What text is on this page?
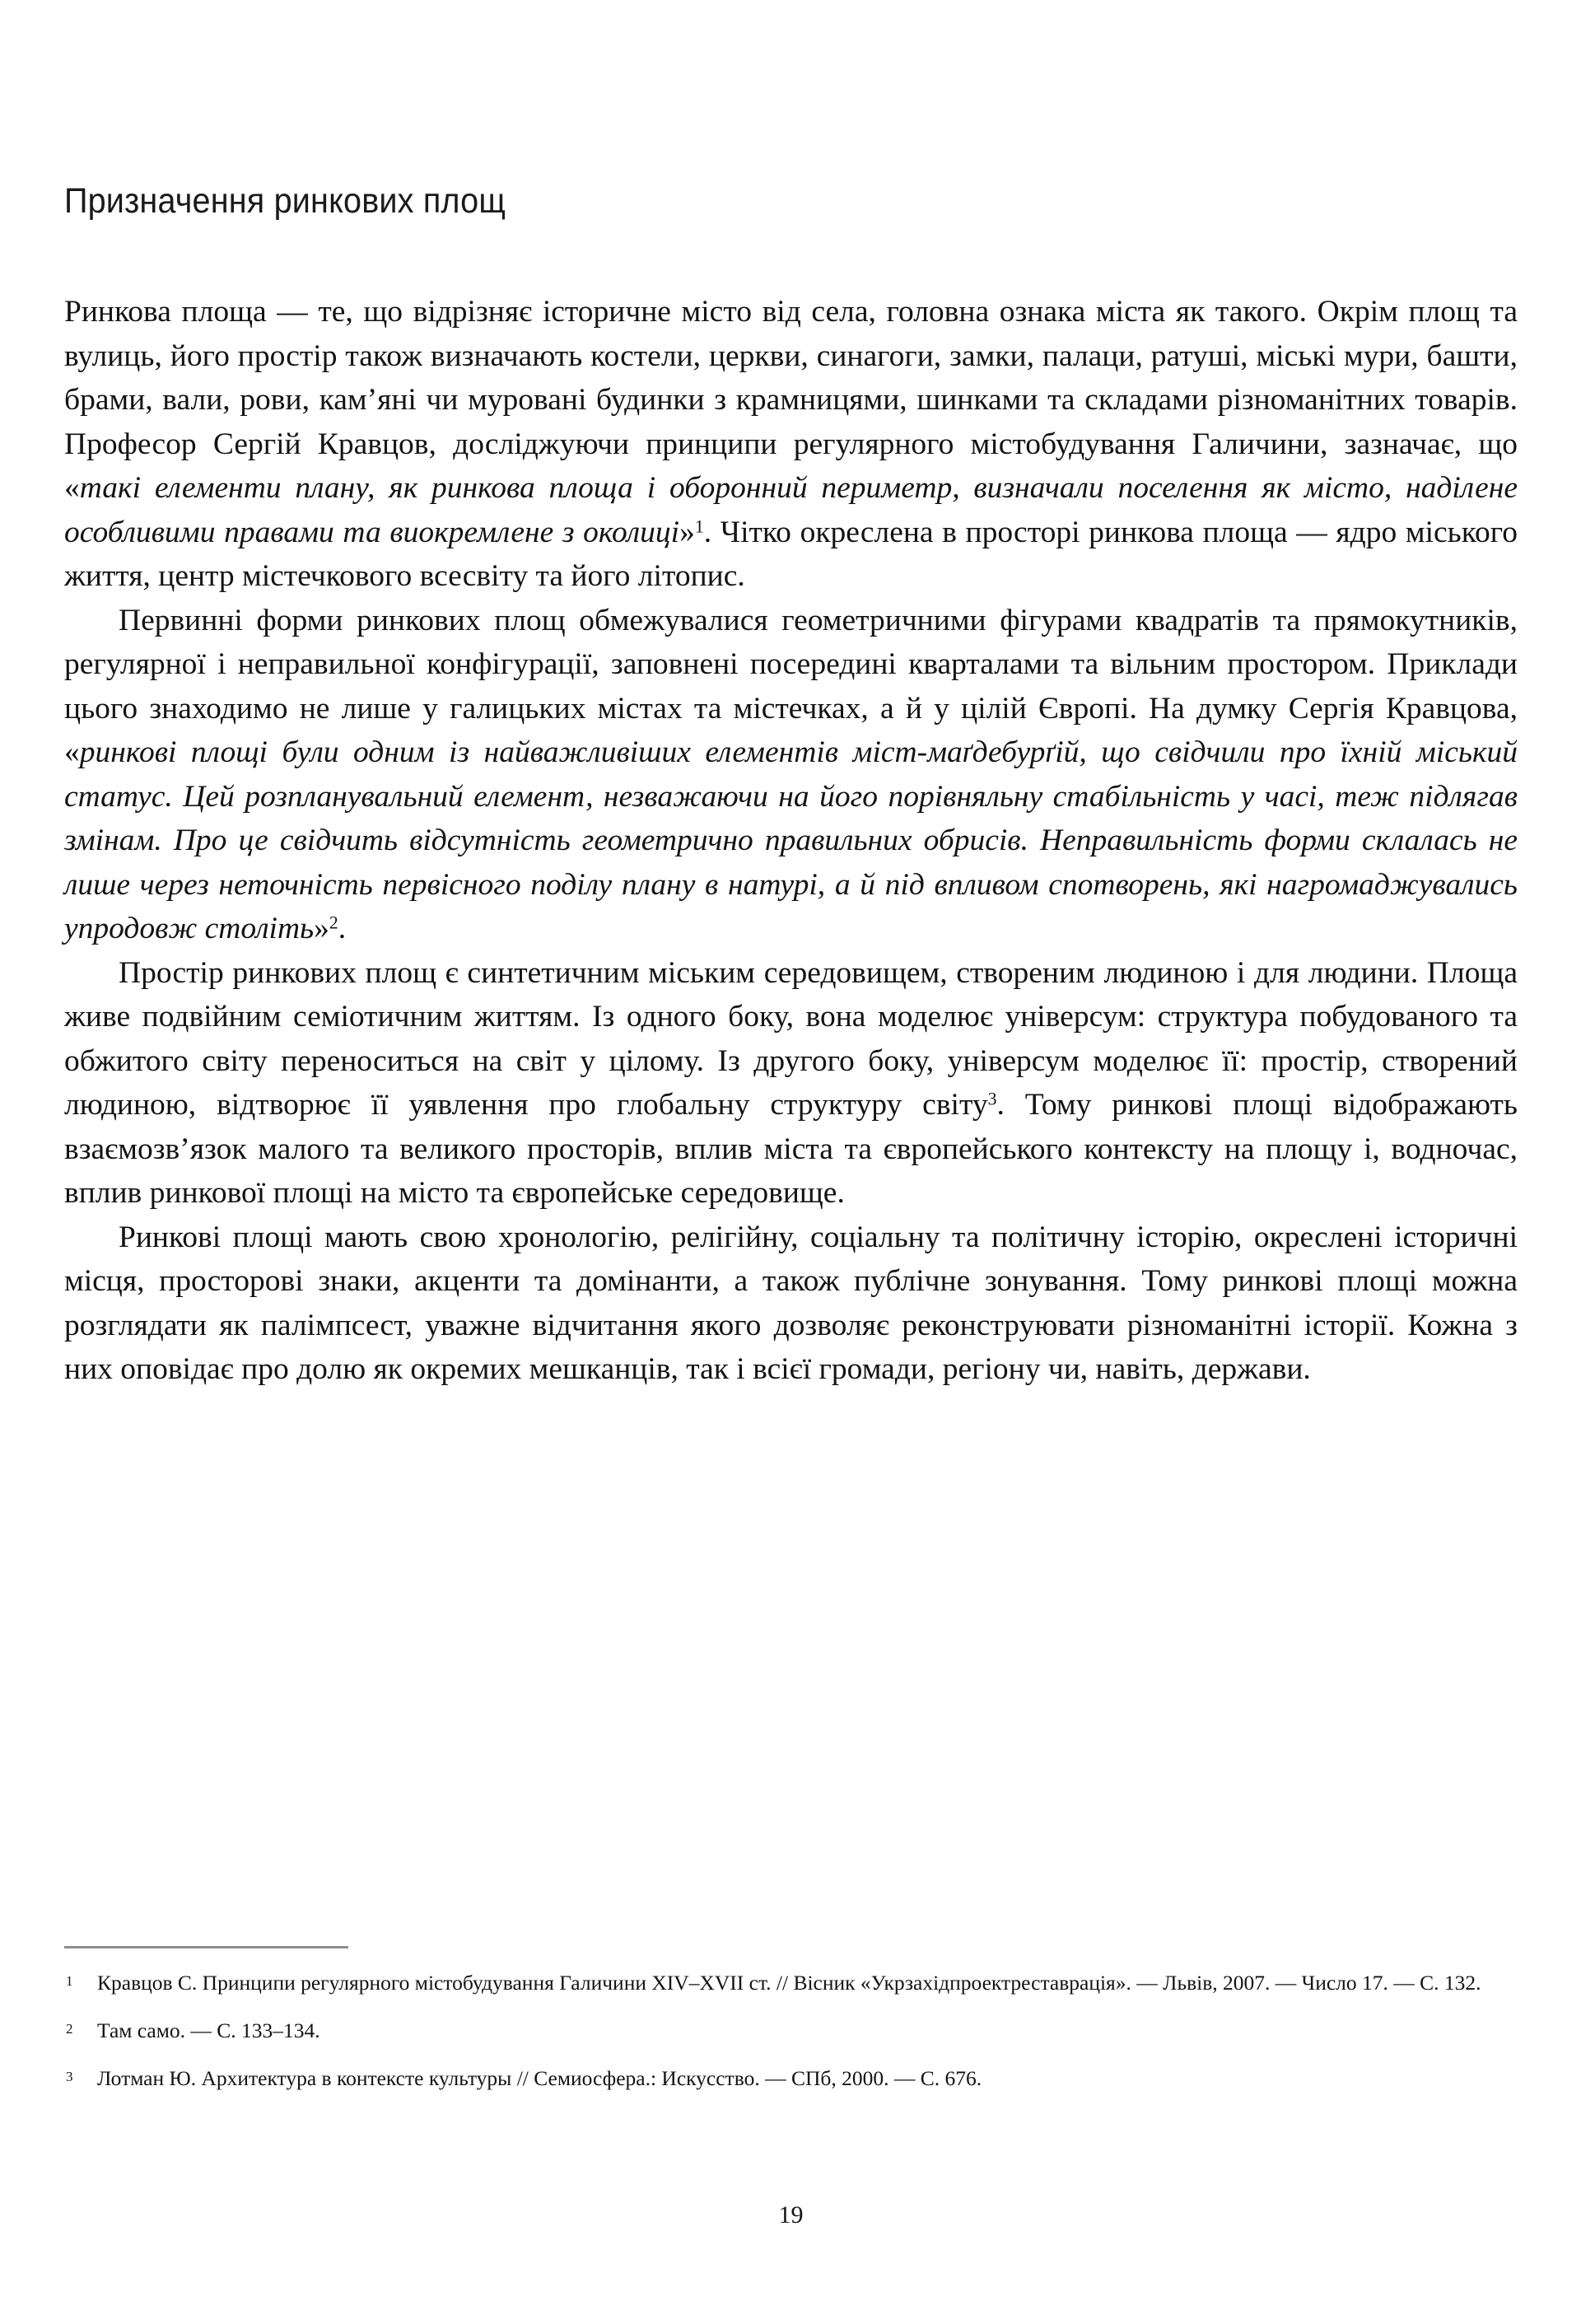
Призначення ринкових площ

Ринкова площа — те, що відрізняє історичне місто від села, головна ознака міста як такого. Окрім площ та вулиць, його простір також визначають костели, церкви, синагоги, замки, палаци, ратуші, міські мури, башти, брами, вали, рови, кам’яні чи муровані будинки з крамницями, шинками та складами різноманітних товарів. Професор Сергій Кравцов, досліджуючи принципи регулярного містобудування Галичини, зазначає, що «такі елементи плану, як ринкова площа і оборонний периметр, визначали поселення як місто, наділене особливими правами та виокремлене з околиці»$^1$. Чітко окреслена в просторі ринкова площа — ядро міського життя, центр містечкового всесвіту та його літопис.

Первинні форми ринкових площ обмежувалися геометричними фігурами квадратів та прямокутників, регулярної і неправильної конфігурації, заповнені посередині кварталами та вільним простором. Приклади цього знаходимо не лише у галицьких містах та містечках, а й у цілій Європі. На думку Сергія Кравцова, «ринкові площі були одним із найважливіших елементів міст-маґдебурґій, що свідчили про їхній міський статус. Цей розпланувальний елемент, незважаючи на його порівняльну стабільність у часі, теж підлягав змінам. Про це свідчить відсутність геометрично правильних обрисів. Неправильність форми склалась не лише через неточність первісного поділу плану в натурі, а й під впливом спотворень, які нагромаджувались упродовж століть»$^2$.

Простір ринкових площ є синтетичним міським середовищем, створеним людиною і для людини. Площа живе подвійним семіотичним життям. Із одного боку, вона моделює універсум: структура побудованого та обжитого світу переноситься на світ у цілому. Із другого боку, універсум моделює її: простір, створений людиною, відтворює її уявлення про глобальну структуру світу$^3$. Тому ринкові площі відображають взаємозв’язок малого та великого просторів, вплив міста та європейського контексту на площу і, водночас, вплив ринкової площі на місто та європейське середовище.

Ринкові площі мають свою хронологію, релігійну, соціальну та політичну історію, окреслені історичні місця, просторові знаки, акценти та домінанти, а також публічне зонування. Тому ринкові площі можна розглядати як палімпсест, уважне відчитання якого дозволяє реконструювати різноманітні історії. Кожна з них оповідає про долю як окремих мешканців, так і всієї громади, регіону чи, навіть, держави.

1 Кравцов С. Принципи регулярного містобудування Галичини XIV–XVII ст. // Вісник «Укрзахідпроектреставрація». — Львів, 2007. — Число 17. — С. 132.
2 Там само. — С. 133–134.
3 Лотман Ю. Архитектура в контексте культуры // Семиосфера.: Искусство. — СПб, 2000. — С. 676.
19
